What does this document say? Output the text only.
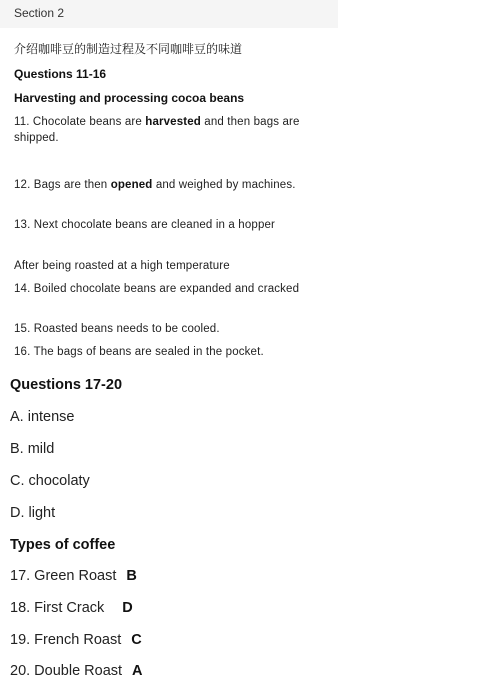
Section 2
介绍咖啡豆的制造过程及不同咖啡豆的味道
Questions 11-16
Harvesting and processing cocoa beans
11. Chocolate beans are harvested and then bags are shipped.
12. Bags are then opened and weighed by machines.
13. Next chocolate beans are cleaned in a hopper
After being roasted at a high temperature
14. Boiled chocolate beans are expanded and cracked
15. Roasted beans needs to be cooled.
16. The bags of beans are sealed in the pocket.
Questions 17-20
A. intense
B. mild
C. chocolaty
D. light
Types of coffee
17. Green Roast B
18. First Crack D
19. French Roast C
20. Double Roast A
